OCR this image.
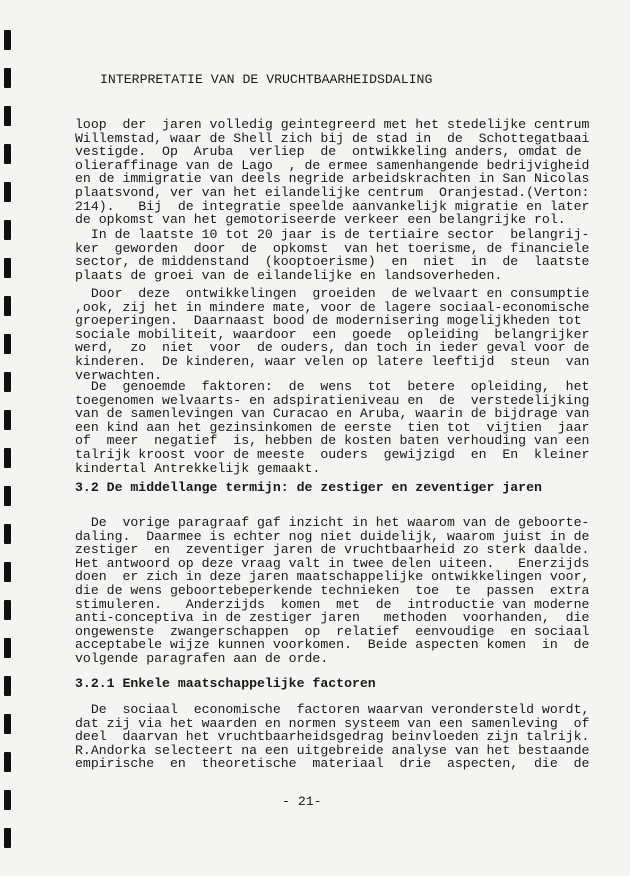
INTERPRETATIE VAN DE VRUCHTBAARHEIDSDALING
loop  der  jaren volledig geintegreerd met het stedelijke centrum
Willemstad, waar de Shell zich bij de stad in  de  Schottegatbaai
vestigde.  Op  Aruba  verliep  de  ontwikkeling anders, omdat de
olieraffinage van de Lago  , de ermee samenhangende bedrijvigheid
en de immigratie van deels negride arbeidskrachten in San Nicolas
plaatsvond, ver van het eilandelijke centrum  Oranjestad.(Verton:
214).   Bij  de integratie speelde aanvankelijk migratie en later
de opkomst van het gemotoriseerde verkeer een belangrijke rol.
In de laatste 10 tot 20 jaar is de tertiaire sector  belangrij-
ker  geworden  door  de  opkomst  van het toerisme, de financiele
sector, de middenstand  (kooptoerisme)  en  niet  in  de  laatste
plaats de groei van de eilandelijke en landsoverheden.
Door  deze  ontwikkelingen  groeiden  de welvaart en consumptie
,ook, zij het in mindere mate, voor de lagere sociaal-economische
groeperingen.  Daarnaast bood de modernisering mogelijkheden tot
sociale mobiliteit, waardoor  een  goede  opleiding  belangrijker
werd,  zo  niet  voor  de ouders, dan toch in ieder geval voor de
kinderen.  De kinderen, waar velen op latere leeftijd  steun  van
verwachten.
De  genoemde  faktoren:  de  wens  tot  betere  opleiding,  het
toegenomen welvaarts- en adspiratieniveau en  de  verstedelijking
van de samenlevingen van Curacao en Aruba, waarin de bijdrage van
een kind aan het gezinsinkomen de eerste  tien tot  vijtien  jaar
of  meer  negatief  is, hebben de kosten baten verhouding van een
talrijk kroost voor de meeste  ouders  gewijzigd  en  En  kleiner
kindertal Antrekkelijk gemaakt.
3.2 De middellange termijn: de zestiger en zeventiger jaren
De  vorige paragraaf gaf inzicht in het waarom van de geboorte-
daling.  Daarmee is echter nog niet duidelijk, waarom juist in de
zestiger  en  zeventiger jaren de vruchtbaarheid zo sterk daalde.
Het antwoord op deze vraag valt in twee delen uiteen.   Enerzijds
doen  er zich in deze jaren maatschappelijke ontwikkelingen voor,
die de wens geboortebeperkende technieken  toe  te  passen  extra
stimuleren.   Anderzijds  komen  met  de  introductie van moderne
anti-conceptiva in de zestiger jaren   methoden  voorhanden,  die
ongewenste  zwangerschappen  op  relatief  eenvoudige  en sociaal
acceptabele wijze kunnen voorkomen.  Beide aspecten komen  in  de
volgende paragrafen aan de orde.
3.2.1 Enkele maatschappelijke factoren
De  sociaal  economische  factoren waarvan verondersteld wordt,
dat zij via het waarden en normen systeem van een samenleving  of
deel  daarvan het vruchtbaarheidsgedrag beinvloeden zijn talrijk.
R.Andorka selecteert na een uitgebreide analyse van het bestaande
empirische  en  theoretische  materiaal  drie  aspecten,  die  de
- 21-
